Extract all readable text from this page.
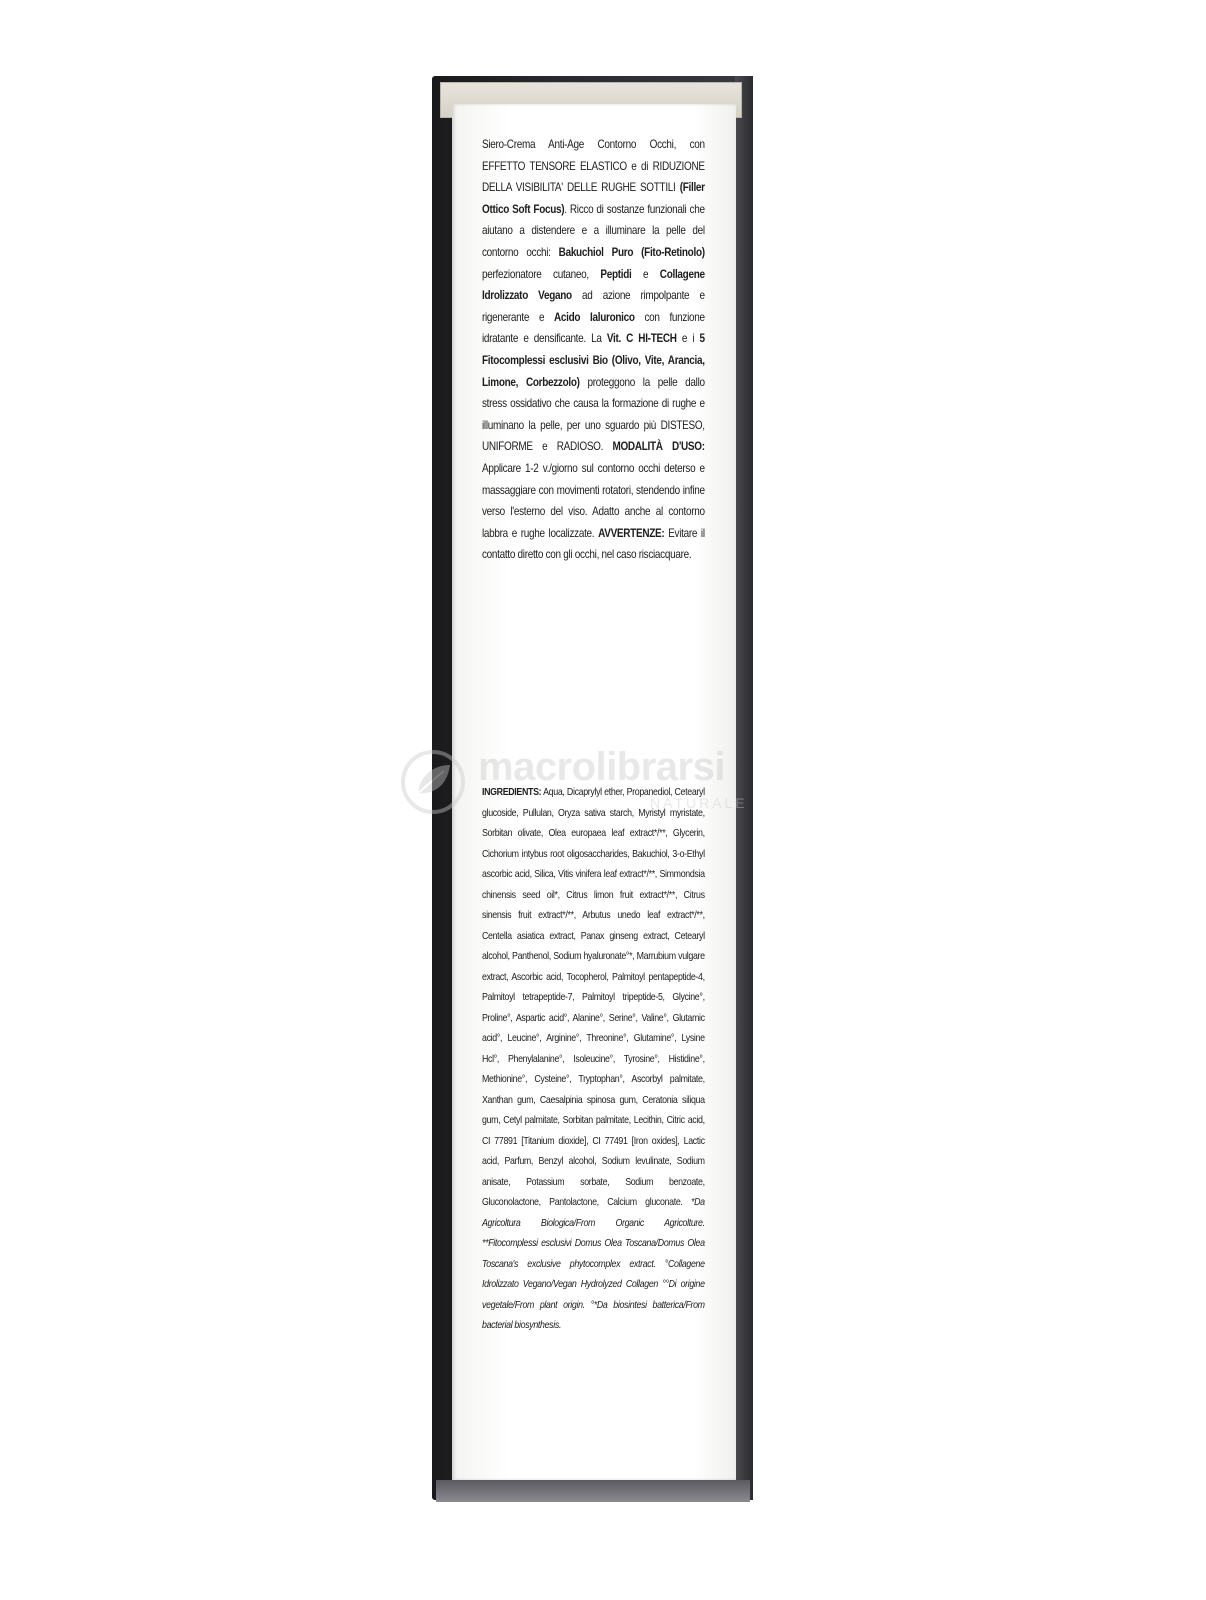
Siero-Crema Anti-Age Contorno Occhi, con EFFETTO TENSORE ELASTICO e di RIDUZIONE DELLA VISIBILITA' DELLE RUGHE SOTTILI (Filler Ottico Soft Focus). Ricco di sostanze funzionali che aiutano a distendere e a illuminare la pelle del contorno occhi: Bakuchiol Puro (Fito-Retinolo) perfezionatore cutaneo, Peptidi e Collagene Idrolizzato Vegano ad azione rimpolpante e rigenerante e Acido Ialuronico con funzione idratante e densificante. La Vit. C HI-TECH e i 5 Fitocomplessi esclusivi Bio (Olivo, Vite, Arancia, Limone, Corbezzolo) proteggono la pelle dallo stress ossidativo che causa la formazione di rughe e illuminano la pelle, per uno sguardo più DISTESO, UNIFORME e RADIOSO. MODALITÀ D'USO: Applicare 1-2 v./giorno sul contorno occhi deterso e massaggiare con movimenti rotatori, stendendo infine verso l'esterno del viso. Adatto anche al contorno labbra e rughe localizzate. AVVERTENZE: Evitare il contatto diretto con gli occhi, nel caso risciacquare.

INGREDIENTS: Aqua, Dicaprylyl ether, Propanediol, Cetearyl glucoside, Pullulan, Oryza sativa starch, Myristyl myristate, Sorbitan olivate, Olea europaea leaf extract*/**, Glycerin, Cichorium intybus root oligosaccharides, Bakuchiol, 3-o-Ethyl ascorbic acid, Silica, Vitis vinifera leaf extract*/**, Simmondsia chinensis seed oil*, Citrus limon fruit extract*/**, Citrus sinensis fruit extract*/**, Arbutus unedo leaf extract*/**, Centella asiatica extract, Panax ginseng extract, Cetearyl alcohol, Panthenol, Sodium hyaluronate°*, Marrubium vulgare extract, Ascorbic acid, Tocopherol, Palmitoyl pentapeptide-4, Palmitoyl tetrapeptide-7, Palmitoyl tripeptide-5, Glycine°, Proline°, Aspartic acid°, Alanine°, Serine°, Valine°, Glutamic acid°, Leucine°, Arginine°, Threonine°, Glutamine°, Lysine Hcl°, Phenylalanine°, Isoleucine°, Tyrosine°, Histidine°, Methionine°, Cysteine°, Tryptophan°, Ascorbyl palmitate, Xanthan gum, Caesalpinia spinosa gum, Ceratonia siliqua gum, Cetyl palmitate, Sorbitan palmitate, Lecithin, Citric acid, CI 77891 [Titanium dioxide], CI 77491 [Iron oxides], Lactic acid, Parfum, Benzyl alcohol, Sodium levulinate, Sodium anisate, Potassium sorbate, Sodium benzoate, Gluconolactone, Pantolactone, Calcium gluconate. *Da Agricoltura Biologica/From Organic Agricolture. **Fitocomplessi esclusivi Domus Olea Toscana/Domus Olea Toscana's exclusive phytocomplex extract. °Collagene Idrolizzato Vegano/Vegan Hydrolyzed Collagen °°Di origine vegetale/From plant origin. °*Da biosintesi batterica/From bacterial biosynthesis.

macrolibrarsi
NATURALE
